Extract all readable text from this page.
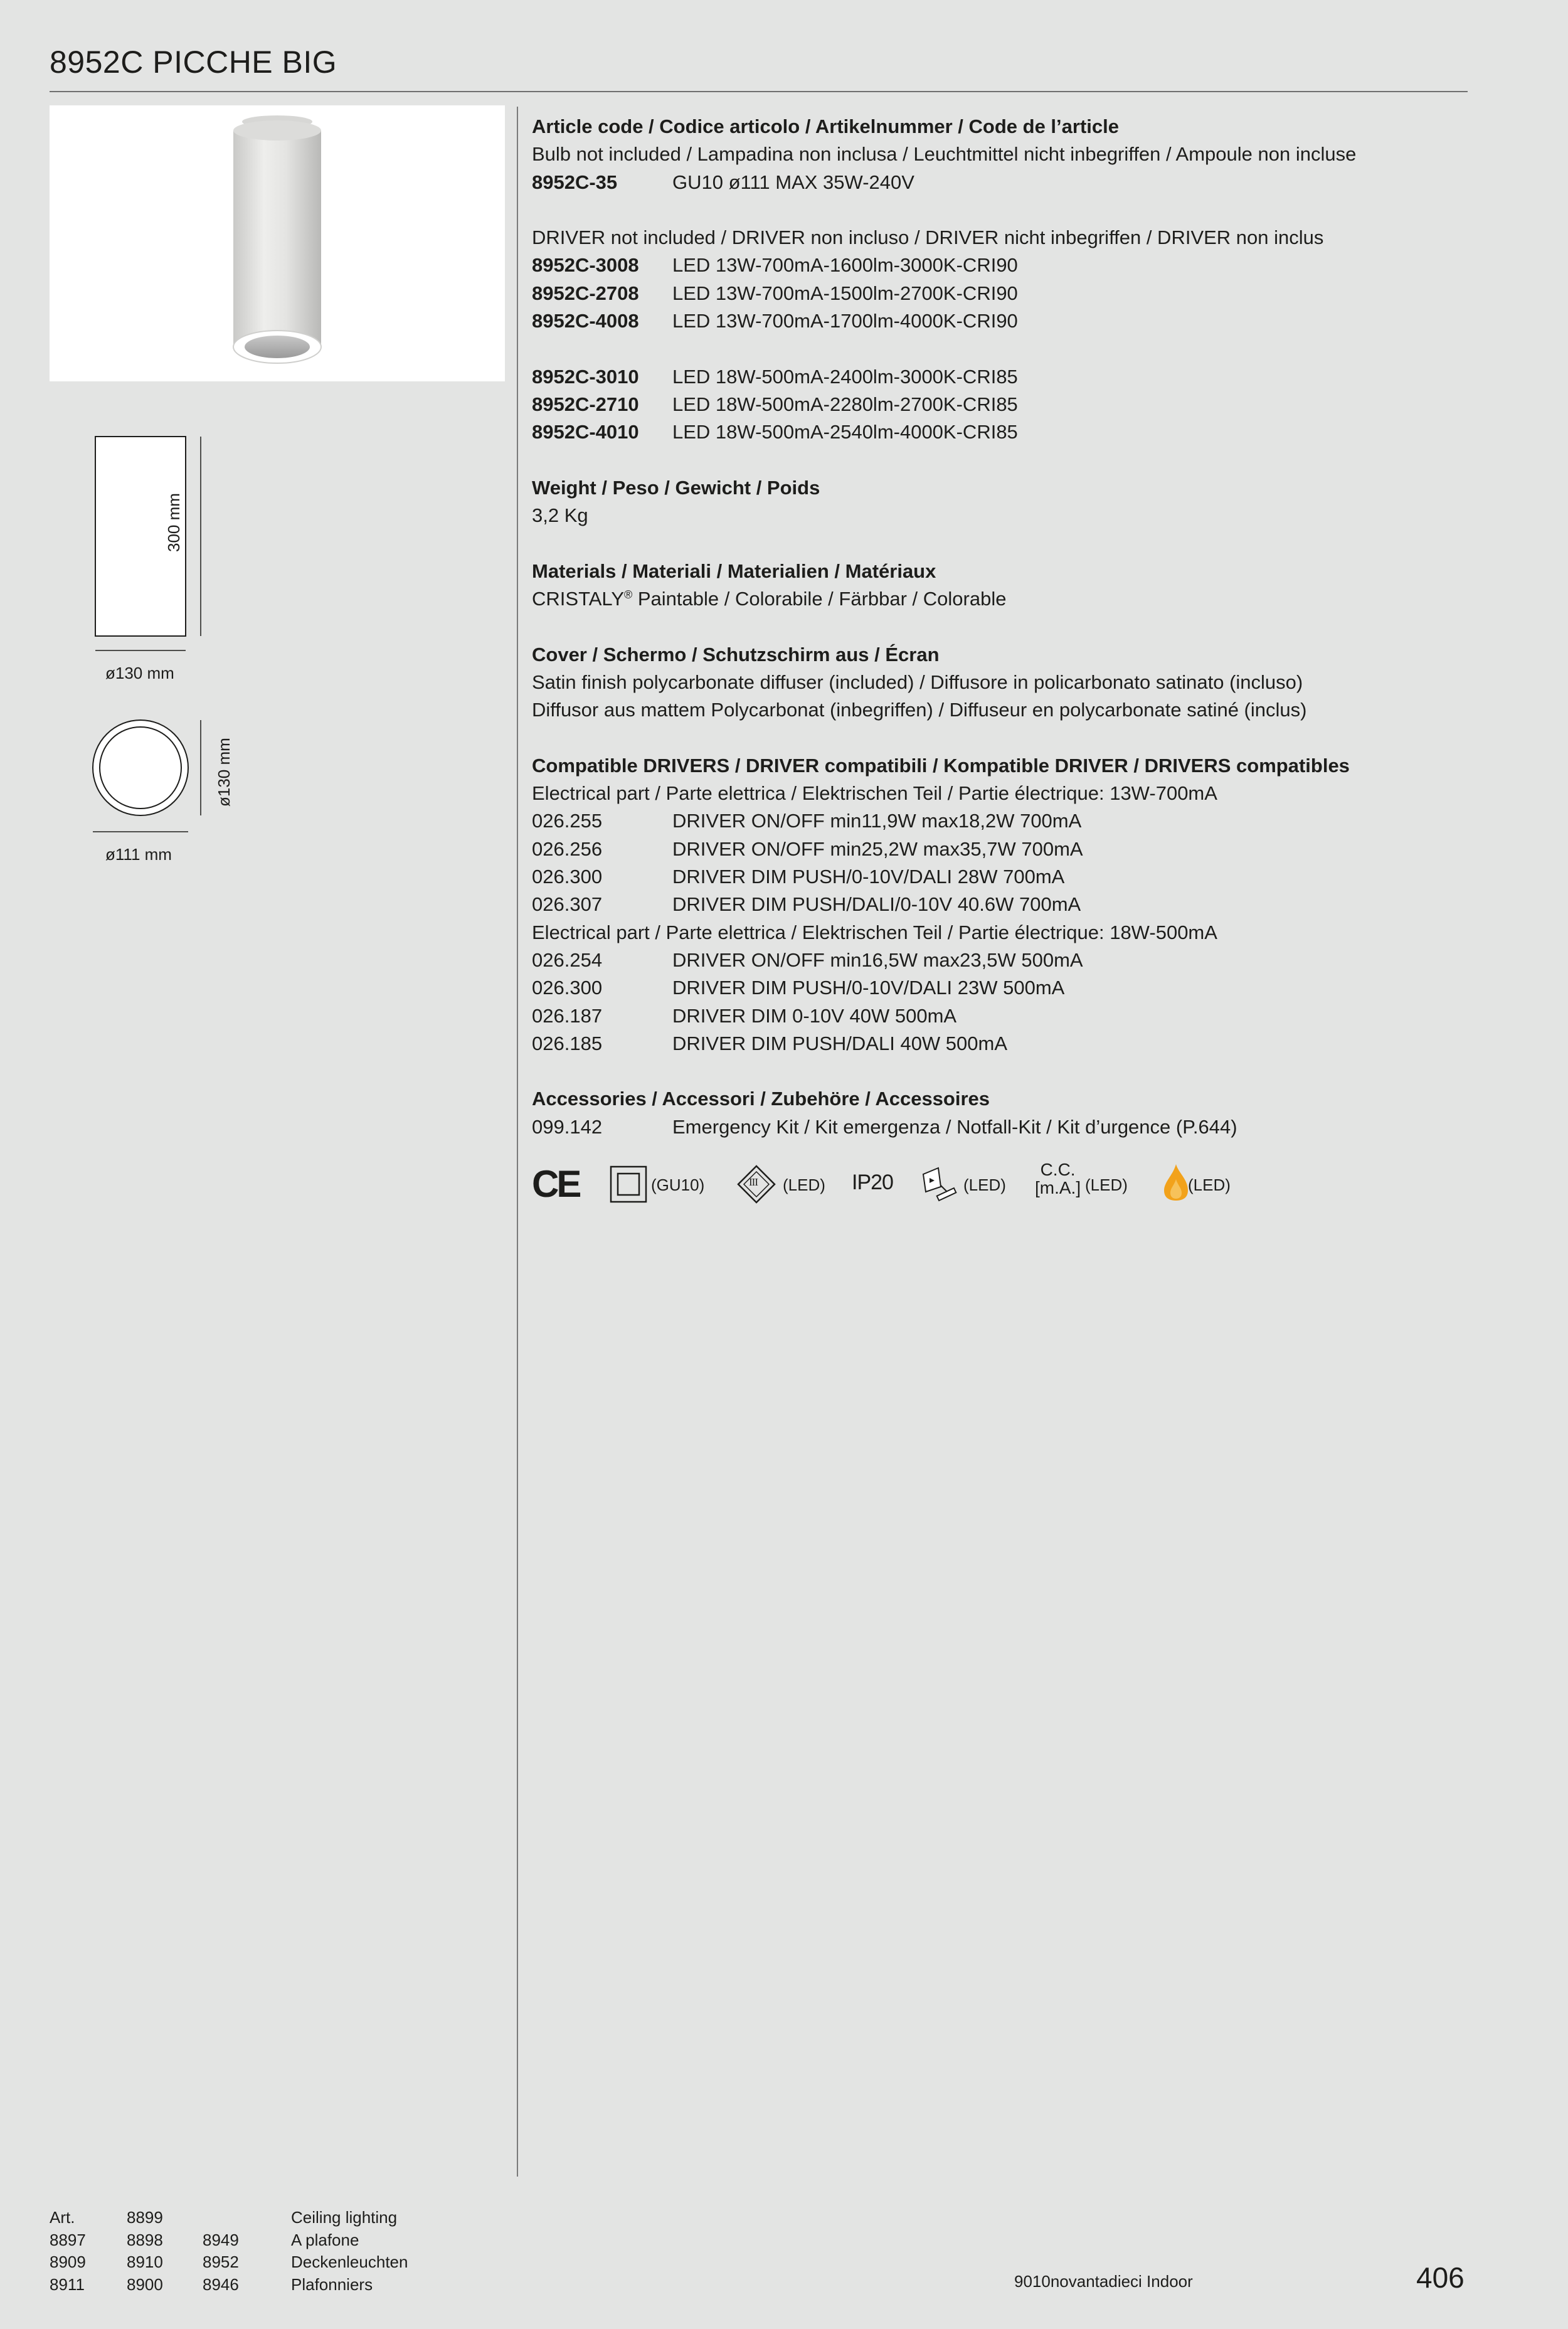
8952C PICCHE BIG
300 mm
ø130 mm
ø130 mm
ø111 mm
Article code / Codice articolo / Artikelnummer / Code de l’article
Bulb not included / Lampadina non inclusa / Leuchtmittel nicht inbegriffen / Ampoule non incluse
8952C-35	GU10 ø111 MAX 35W-240V
DRIVER not included / DRIVER non incluso / DRIVER nicht inbegriffen / DRIVER non inclus
8952C-3008 LED 13W-700mA-1600lm-3000K-CRI90
8952C-2708 LED 13W-700mA-1500lm-2700K-CRI90
8952C-4008 LED 13W-700mA-1700lm-4000K-CRI90
8952C-3010 LED 18W-500mA-2400lm-3000K-CRI85
8952C-2710 LED 18W-500mA-2280lm-2700K-CRI85
8952C-4010 LED 18W-500mA-2540lm-4000K-CRI85
Weight / Peso / Gewicht / Poids
3,2 Kg
Materials / Materiali / Materialien / Matériaux
CRISTALY® Paintable / Colorabile / Färbbar / Colorable
Cover / Schermo / Schutzschirm aus / Écran
Satin finish polycarbonate diffuser (included) / Diffusore in policarbonato satinato (incluso)
Diffusor aus mattem Polycarbonat (inbegriffen) / Diffuseur en polycarbonate satiné (inclus)
Compatible DRIVERS / DRIVER compatibili / Kompatible DRIVER / DRIVERS compatibles
Electrical part / Parte elettrica / Elektrischen Teil / Partie électrique: 13W-700mA
026.255	DRIVER ON/OFF min11,9W max18,2W 700mA
026.256	DRIVER ON/OFF min25,2W max35,7W 700mA
026.300	DRIVER DIM PUSH/0-10V/DALI 28W 700mA
026.307	DRIVER DIM PUSH/DALI/0-10V 40.6W 700mA
Electrical part / Parte elettrica / Elektrischen Teil / Partie électrique: 18W-500mA
026.254	DRIVER ON/OFF min16,5W max23,5W 500mA
026.300	DRIVER DIM PUSH/0-10V/DALI 23W 500mA
026.187	DRIVER DIM 0-10V 40W 500mA
026.185	DRIVER DIM PUSH/DALI 40W 500mA
Accessories / Accessori / Zubehöre / Accessoires
099.142	Emergency Kit / Kit emergenza / Notfall-Kit / Kit d’urgence (P.644)
CE	(GU10)	III (LED) IP20	(LED)
C.C.
[m.A.] (LED)	(LED)
Art.	8899	Ceiling lighting
8897	8898 8949	A plafone
8909	8910 8952	Deckenleuchten
8911	8900 8946	Plafonniers	9010novantadieci Indoor	406
